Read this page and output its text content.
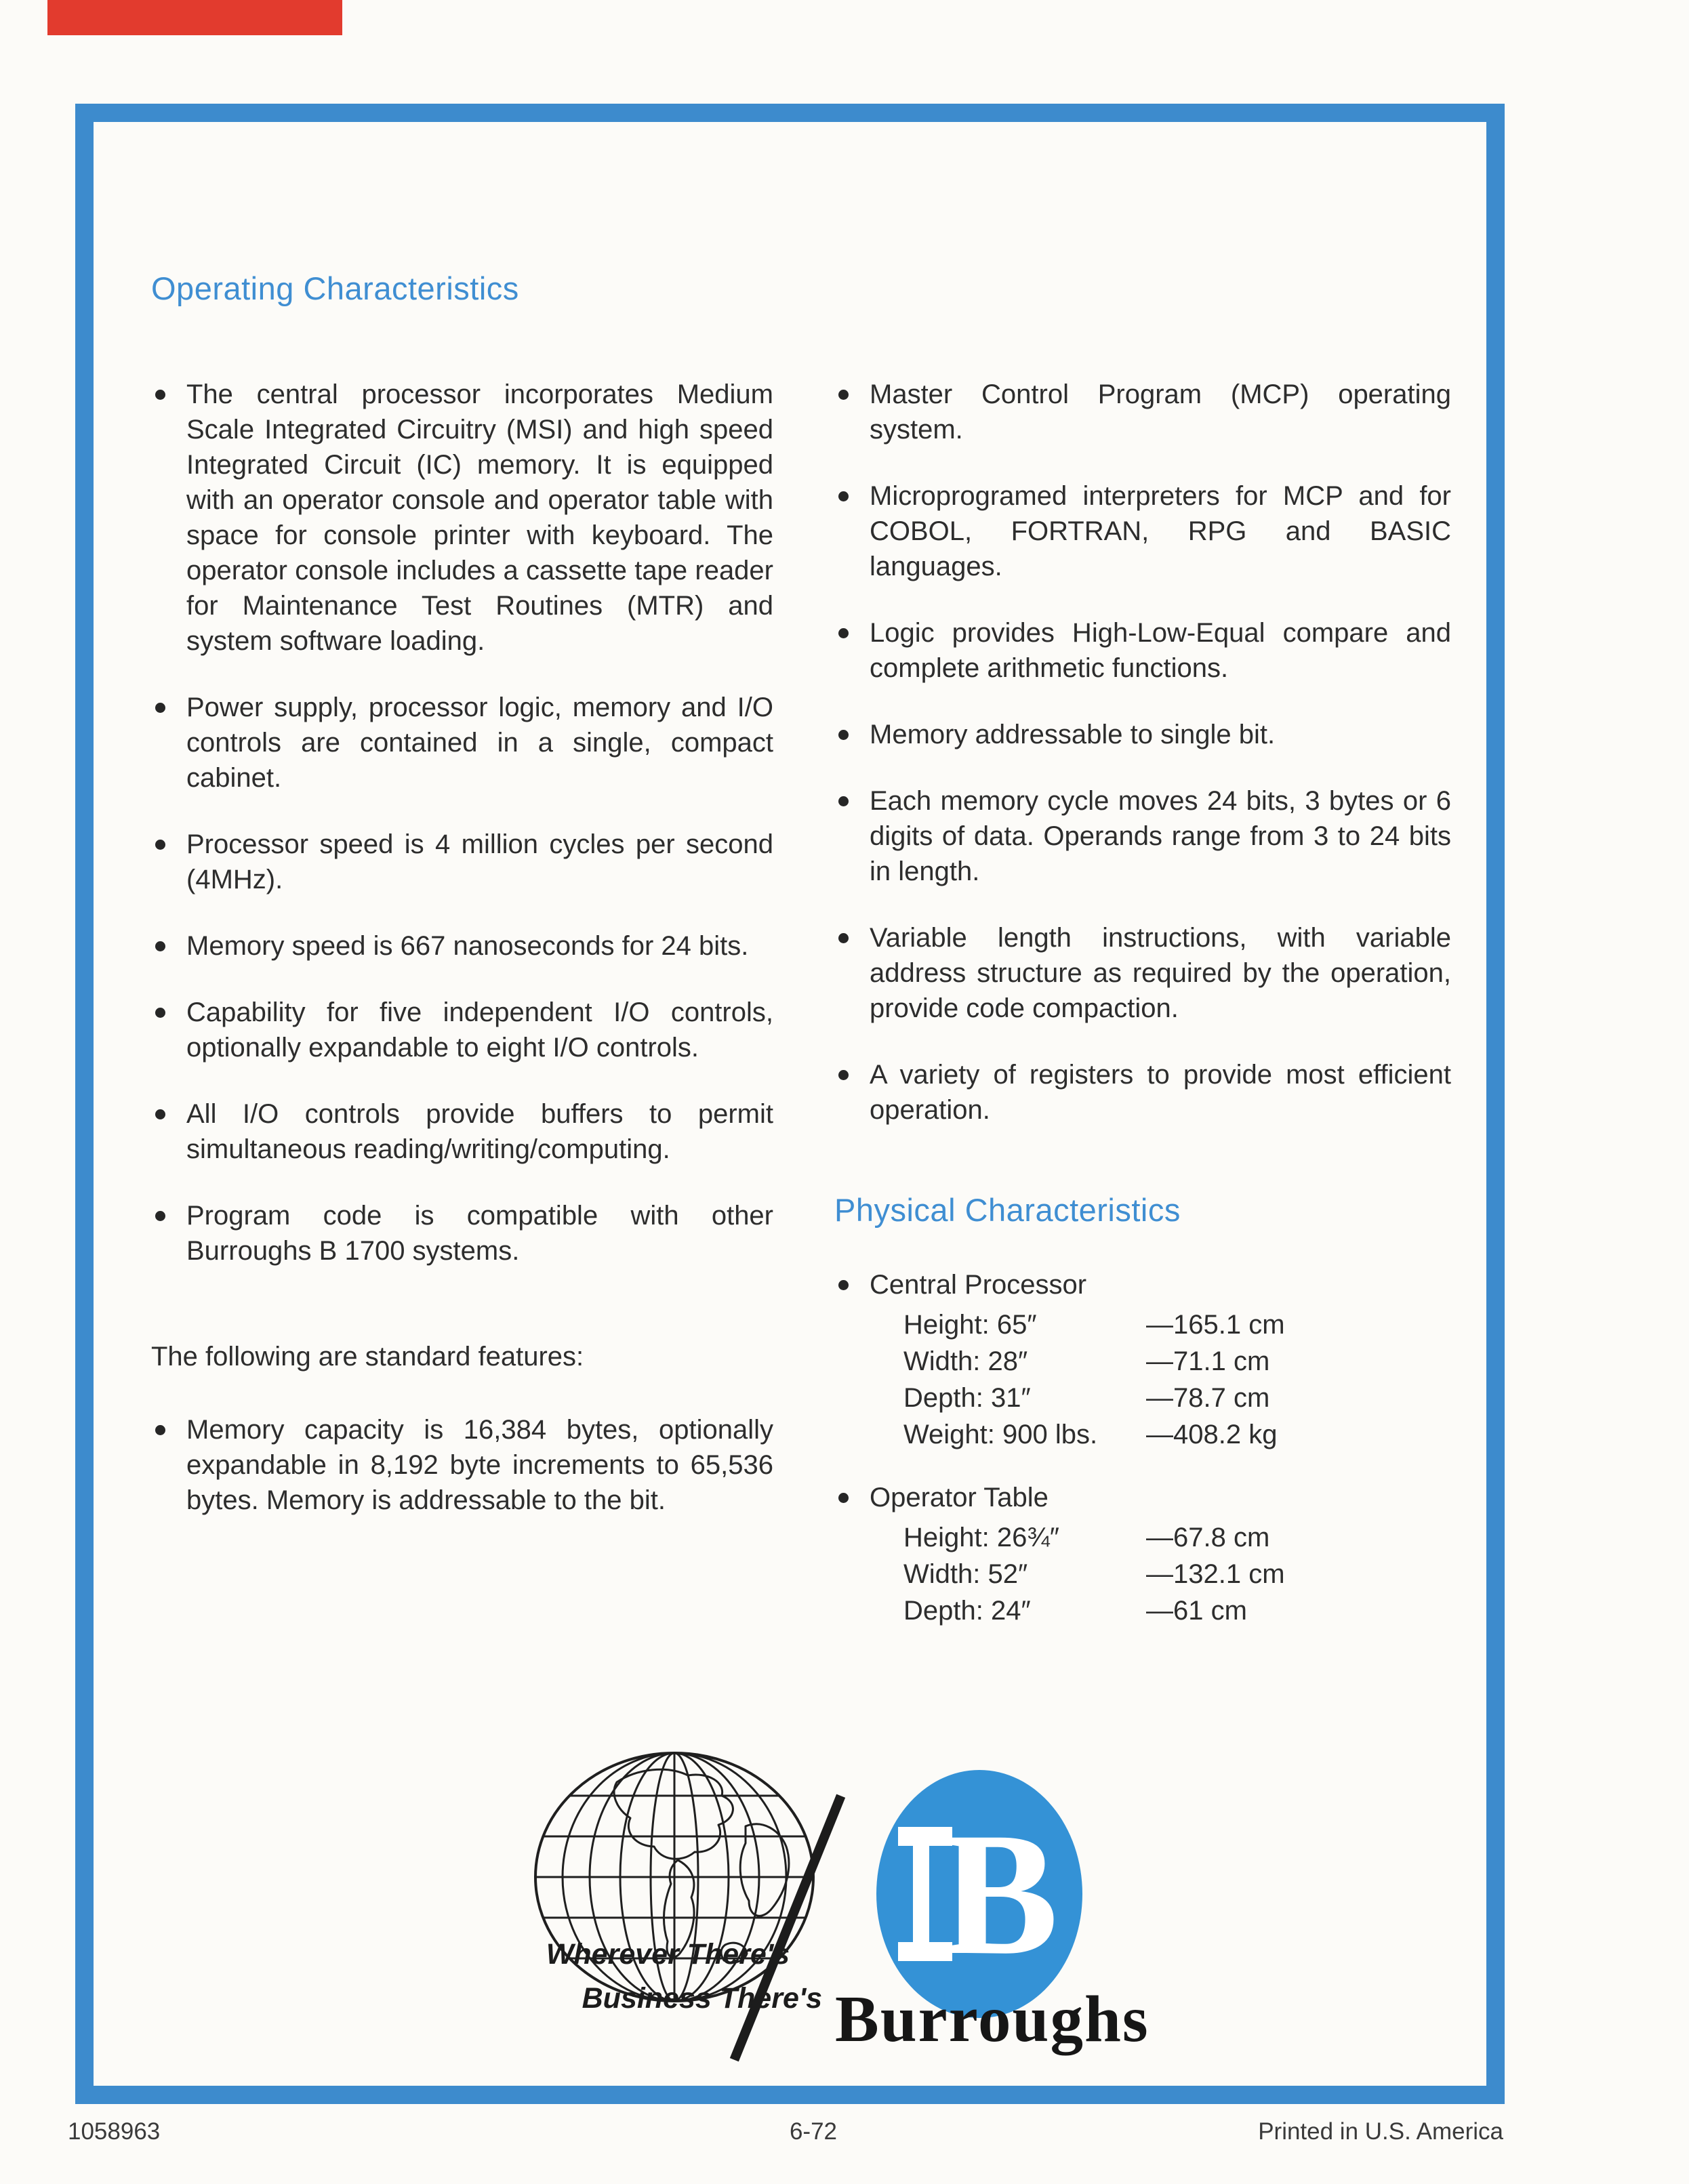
Operating Characteristics

The central processor incorporates Medium Scale Integrated Circuitry (MSI) and high speed Integrated Circuit (IC) memory. It is equipped with an operator console and operator table with space for console printer with keyboard. The operator console includes a cassette tape reader for Maintenance Test Routines (MTR) and system software loading.

Power supply, processor logic, memory and I/O controls are contained in a single, compact cabinet.

Processor speed is 4 million cycles per second (4MHz).

Memory speed is 667 nanoseconds for 24 bits.

Capability for five independent I/O controls, optionally expandable to eight I/O controls.

All I/O controls provide buffers to permit simultaneous reading/writing/computing.

Program code is compatible with other Burroughs B 1700 systems.

The following are standard features:

Memory capacity is 16,384 bytes, optionally expandable in 8,192 byte increments to 65,536 bytes. Memory is addressable to the bit.

Master Control Program (MCP) operating system.

Microprogramed interpreters for MCP and for COBOL, FORTRAN, RPG and BASIC languages.

Logic provides High-Low-Equal compare and complete arithmetic functions.

Memory addressable to single bit.

Each memory cycle moves 24 bits, 3 bytes or 6 digits of data. Operands range from 3 to 24 bits in length.

Variable length instructions, with variable address structure as required by the operation, provide code compaction.

A variety of registers to provide most efficient operation.

Physical Characteristics

Central Processor

Height: 65″	—165.1 cm
Width: 28″	—71.1 cm
Depth: 31″	—78.7 cm
Weight: 900 lbs.	—408.2 kg

Operator Table

Height: 26¾″	—67.8 cm
Width: 52″	—132.1 cm
Depth: 24″	—61 cm
Wherever There's
Business There's
B
Burroughs
1058963	6-72	Printed in U.S. America
